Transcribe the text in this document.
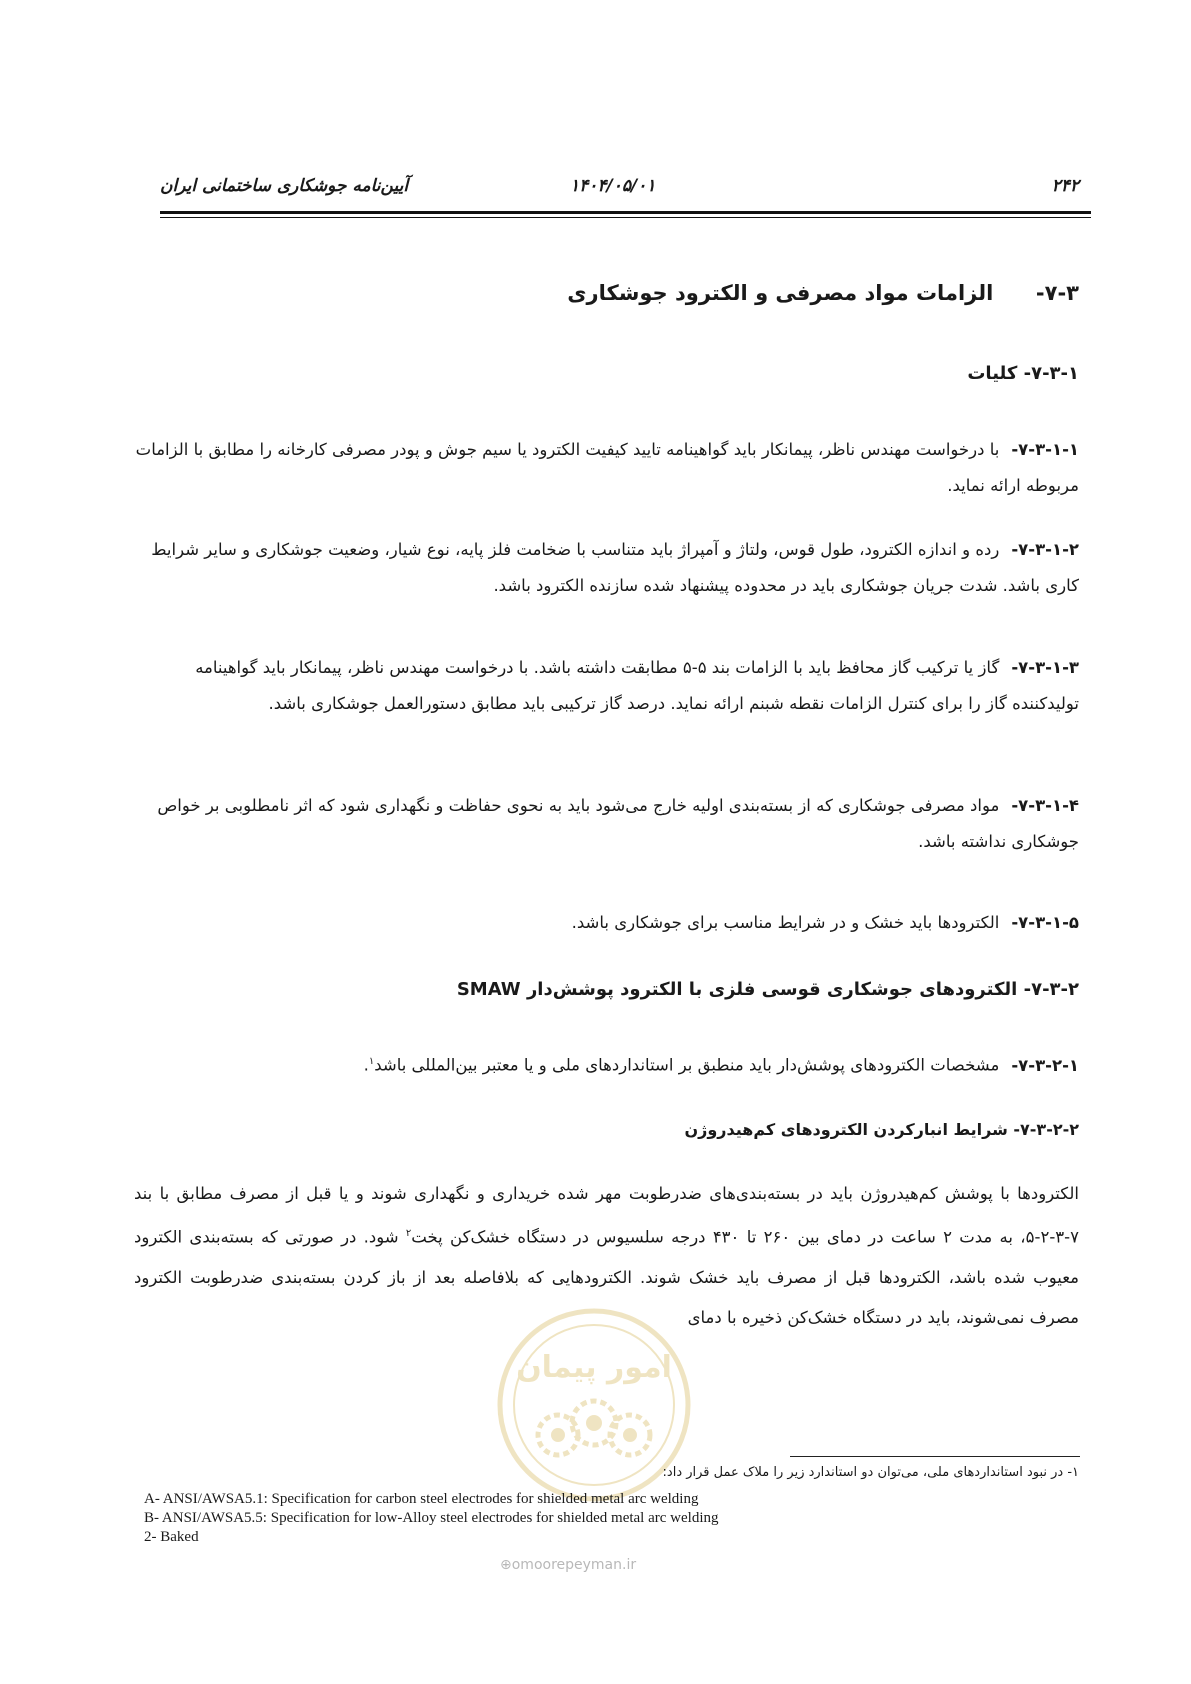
۲۴۲
۱۴۰۴/۰۵/۰۱
آیین‌نامه جوشکاری ساختمانی ایران
۷-۳-  الزامات مواد مصرفی و الکترود جوشکاری
۷-۳-۱- کلیات
۷-۳-۱-۱-با درخواست مهندس ناظر، پیمانکار باید گواهینامه تایید کیفیت الکترود یا سیم جوش و پودر مصرفی کارخانه را مطابق با الزامات مربوطه ارائه نماید.
۷-۳-۱-۲-رده و اندازه الکترود، طول قوس، ولتاژ و آمپراژ باید متناسب با ضخامت فلز پایه، نوع شیار، وضعیت جوشکاری و سایر شرایط کاری باشد. شدت جریان جوشکاری باید در محدوده پیشنهاد شده سازنده الکترود باشد.
۷-۳-۱-۳-گاز یا ترکیب گاز محافظ باید با الزامات بند ۵-۵ مطابقت داشته باشد. با درخواست مهندس ناظر، پیمانکار باید گواهینامه تولیدکننده گاز را برای کنترل الزامات نقطه شبنم ارائه نماید. درصد گاز ترکیبی باید مطابق دستورالعمل جوشکاری باشد.
۷-۳-۱-۴-مواد مصرفی جوشکاری که از بسته‌بندی اولیه خارج می‌شود باید به نحوی حفاظت و نگهداری شود که اثر نامطلوبی بر خواص جوشکاری نداشته باشد.
۷-۳-۱-۵-الکترودها باید خشک و در شرایط مناسب برای جوشکاری باشد.
۷-۳-۲- الکترودهای جوشکاری قوسی فلزی با الکترود پوشش‌دار SMAW
۷-۳-۲-۱-مشخصات الکترودهای پوشش‌دار باید منطبق بر استانداردهای ملی و یا معتبر بین‌المللی باشد$^۱$.
۷-۳-۲-۲- شرایط انبارکردن الکترودهای کم‌هیدروژن
الکترودها با پوشش کم‌هیدروژن باید در بسته‌بندی‌های ضدرطوبت مهر شده خریداری و نگهداری شوند و یا قبل از مصرف مطابق با بند ۷-۳-۲-۵، به مدت ۲ ساعت در دمای بین ۲۶۰ تا ۴۳۰ درجه سلسیوس در دستگاه خشک‌کن پخت$^۲$ شود. در صورتی که بسته‌بندی الکترود معیوب شده باشد، الکترودها قبل از مصرف باید خشک شوند. الکترودهایی که بلافاصله بعد از باز کردن بسته‌بندی ضدرطوبت الکترود مصرف نمی‌شوند، باید در دستگاه خشک‌کن ذخیره با دمای
امور پیمان
۱- در نبود استانداردهای ملی، می‌توان دو استاندارد زیر را ملاک عمل قرار داد:
A- ANSI/AWSA5.1: Specification for carbon steel electrodes for shielded metal arc welding
B- ANSI/AWSA5.5: Specification for low-Alloy steel electrodes for shielded metal arc welding
2- Baked
⊕omoorepeyman.ir
